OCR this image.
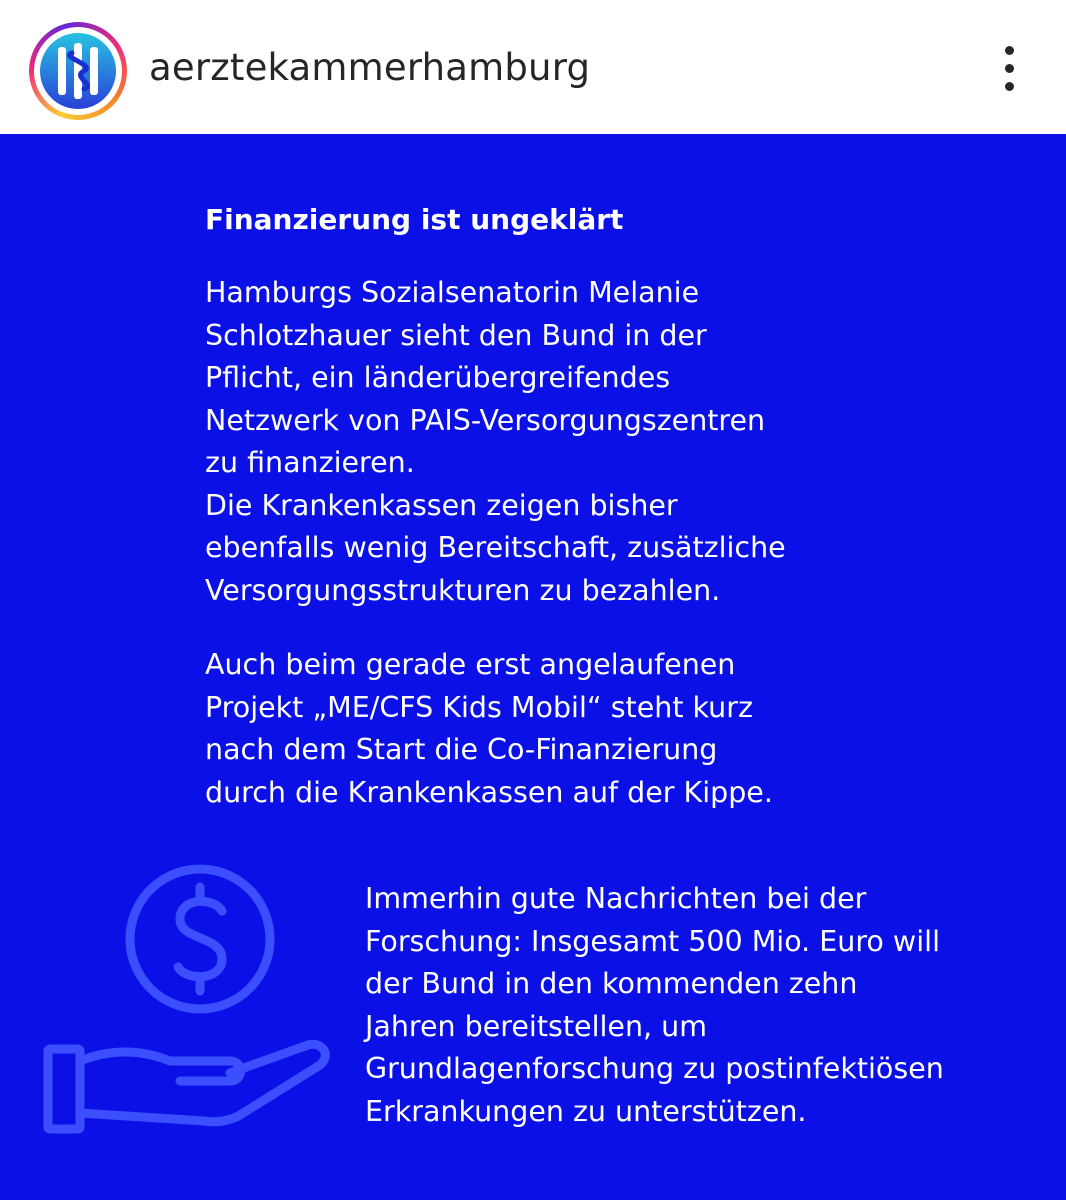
aerztekammerhamburg
Finanzierung ist ungeklärt
Hamburgs Sozialsenatorin Melanie
Schlotzhauer sieht den Bund in der
Pflicht, ein länderübergreifendes
Netzwerk von PAIS-Versorgungszentren
zu finanzieren.
Die Krankenkassen zeigen bisher
ebenfalls wenig Bereitschaft, zusätzliche
Versorgungsstrukturen zu bezahlen.
Auch beim gerade erst angelaufenen
Projekt „ME/CFS Kids Mobil“ steht kurz
nach dem Start die Co-Finanzierung
durch die Krankenkassen auf der Kippe.
Immerhin gute Nachrichten bei der
Forschung: Insgesamt 500 Mio. Euro will
der Bund in den kommenden zehn
Jahren bereitstellen, um
Grundlagenforschung zu postinfektiösen
Erkrankungen zu unterstützen.
